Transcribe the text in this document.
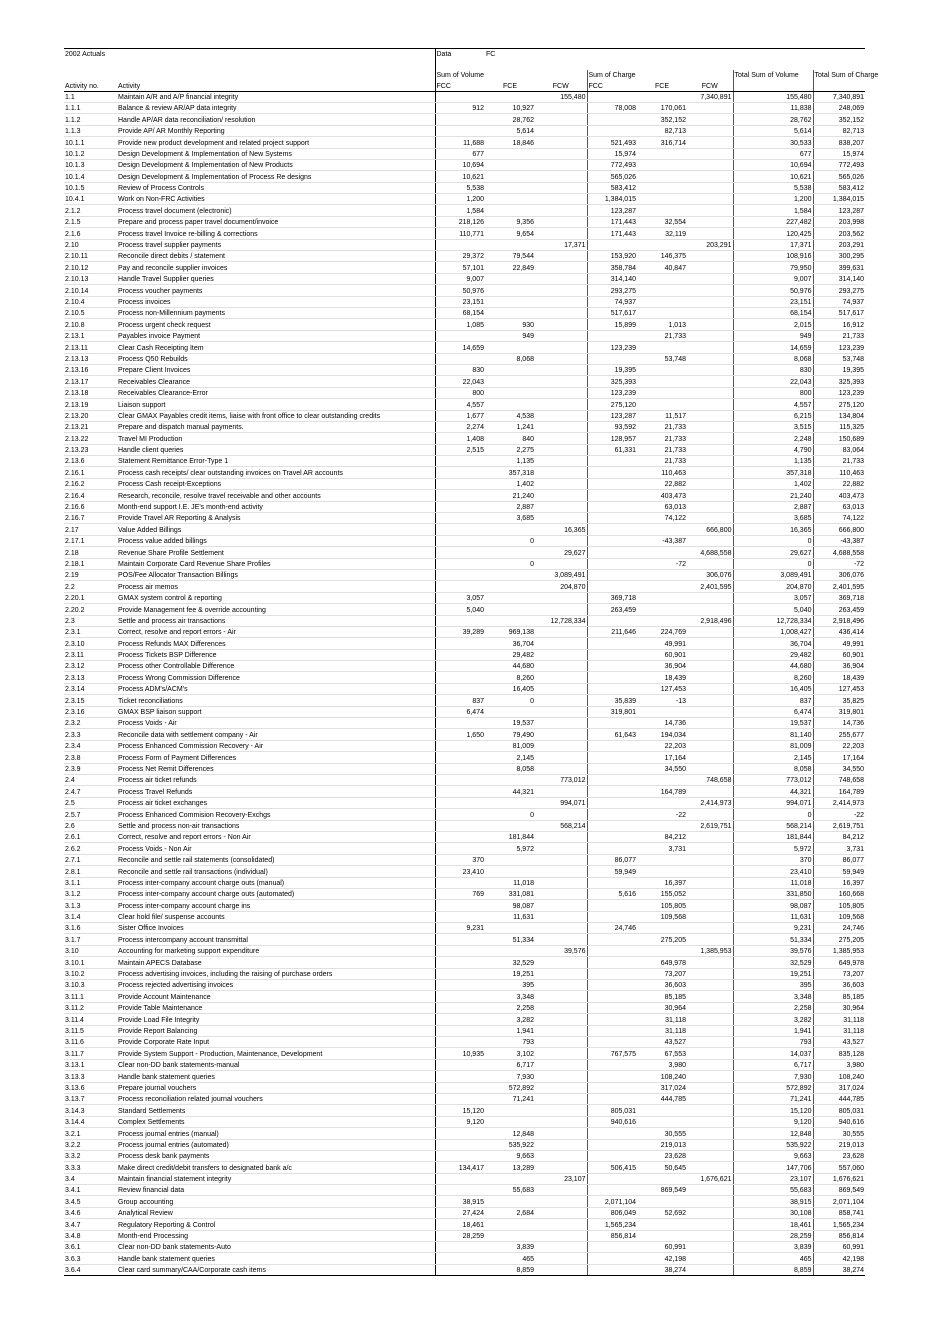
2002 Actuals		Data	FC						

		Sum of Volume			Sum of Charge			Total Sum of Volume	Total Sum of Charge
Activity no.	Activity	FCC	FCE	FCW	FCC	FCE	FCW		
1.1	Maintain A/R and A/P financial integrity			155,480			7,340,891	155,480	7,340,891
1.1.1	Balance & review AR/AP data integrity	912	10,927		78,008	170,061		11,838	248,069
1.1.2	Handle AP/AR data reconciliation/ resolution		28,762			352,152		28,762	352,152
1.1.3	Provide AP/ AR Monthly Reporting		5,614			82,713		5,614	82,713
10.1.1	Provide new product development and related project support	11,688	18,846		521,493	316,714		30,533	838,207
10.1.2	Design Development & Implementation of New Systems	677			15,974			677	15,974
10.1.3	Design Development & Implementation of New Products	10,694			772,493			10,694	772,493
10.1.4	Design Development & Implementation of Process Re designs	10,621			565,026			10,621	565,026
10.1.5	Review of Process Controls	5,538			583,412			5,538	583,412
10.4.1	Work on Non-FRC Activities	1,200			1,384,015			1,200	1,384,015
2.1.2	Process travel document (electronic)	1,584			123,287			1,584	123,287
2.1.5	Prepare and process paper travel document/invoice	218,126	9,356		171,443	32,554		227,482	203,998
2.1.6	Process travel Invoice re-billing & corrections	110,771	9,654		171,443	32,119		120,425	203,562
2.10	Process travel supplier payments			17,371			203,291	17,371	203,291
2.10.11	Reconcile direct debits / statement	29,372	79,544		153,920	146,375		108,916	300,295
2.10.12	Pay and reconcile supplier invoices	57,101	22,849		358,784	40,847		79,950	399,631
2.10.13	Handle Travel Supplier queries	9,007			314,140			9,007	314,140
2.10.14	Process voucher payments	50,976			293,275			50,976	293,275
2.10.4	Process invoices	23,151			74,937			23,151	74,937
2.10.5	Process non-Millennium payments	68,154			517,617			68,154	517,617
2.10.8	Process urgent check request	1,085	930		15,899	1,013		2,015	16,912
2.13.1	Payables invoice Payment		949			21,733		949	21,733
2.13.11	Clear Cash Receipting Item	14,659			123,239			14,659	123,239
2.13.13	Process Q50 Rebuilds		8,068			53,748		8,068	53,748
2.13.16	Prepare Client Invoices	830			19,395			830	19,395
2.13.17	Receivables Clearance	22,043			325,393			22,043	325,393
2.13.18	Receivables Clearance-Error	800			123,239			800	123,239
2.13.19	Liaison support	4,557			275,120			4,557	275,120
2.13.20	Clear GMAX Payables credit items, liaise with front office to clear outstanding credits	1,677	4,538		123,287	11,517		6,215	134,804
2.13.21	Prepare and dispatch manual payments.	2,274	1,241		93,592	21,733		3,515	115,325
2.13.22	Travel MI Production	1,408	840		128,957	21,733		2,248	150,689
2.13.23	Handle client queries	2,515	2,275		61,331	21,733		4,790	83,064
2.13.6	Statement Remittance Error-Type 1		1,135			21,733		1,135	21,733
2.16.1	Process cash receipts/ clear outstanding invoices on Travel AR accounts		357,318			110,463		357,318	110,463
2.16.2	Process Cash receipt-Exceptions		1,402			22,882		1,402	22,882
2.16.4	Research, reconcile, resolve travel receivable and other accounts		21,240			403,473		21,240	403,473
2.16.6	Month-end support I.E. JE's month-end activity		2,887			63,013		2,887	63,013
2.16.7	Provide Travel AR Reporting & Analysis		3,685			74,122		3,685	74,122
2.17	Value Added Billings			16,365			666,800	16,365	666,800
2.17.1	Process value added billings		0			-43,387		0	-43,387
2.18	Revenue Share Profile Settlement			29,627			4,688,558	29,627	4,688,558
2.18.1	Maintain Corporate Card Revenue Share Profiles		0			-72		0	-72
2.19	POS/Fee Allocator Transaction Billings			3,089,491			306,076	3,089,491	306,076
2.2	Process air memos			204,870			2,401,595	204,870	2,401,595
2.20.1	GMAX system control & reporting	3,057			369,718			3,057	369,718
2.20.2	Provide Management fee & override accounting	5,040			263,459			5,040	263,459
2.3	Settle and process air transactions			12,728,334			2,918,496	12,728,334	2,918,496
2.3.1	Correct, resolve and report errors - Air	39,289	969,138		211,646	224,769		1,008,427	436,414
2.3.10	Process Refunds MAX Differences		36,704			49,991		36,704	49,991
2.3.11	Process Tickets BSP Difference		29,482			60,901		29,482	60,901
2.3.12	Process other Controllable Difference		44,680			36,904		44,680	36,904
2.3.13	Process Wrong Commission Difference		8,260			18,439		8,260	18,439
2.3.14	Process ADM's/ACM's		16,405			127,453		16,405	127,453
2.3.15	Ticket reconciliations	837	0		35,839	-13		837	35,825
2.3.16	GMAX BSP liaison support	6,474			319,801			6,474	319,801
2.3.2	Process Voids - Air		19,537			14,736		19,537	14,736
2.3.3	Reconcile data with settlement company - Air	1,650	79,490		61,643	194,034		81,140	255,677
2.3.4	Process Enhanced Commission Recovery - Air		81,009			22,203		81,009	22,203
2.3.8	Process Form of Payment Differences		2,145			17,164		2,145	17,164
2.3.9	Process Net Remit Differences		8,058			34,550		8,058	34,550
2.4	Process air ticket refunds			773,012			748,658	773,012	748,658
2.4.7	Process Travel Refunds		44,321			164,789		44,321	164,789
2.5	Process air ticket exchanges			994,071			2,414,973	994,071	2,414,973
2.5.7	Process Enhanced Commision Recovery-Exchgs		0			-22		0	-22
2.6	Settle and process non-air transactions			568,214			2,619,751	568,214	2,619,751
2.6.1	Correct, resolve and report errors - Non Air		181,844			84,212		181,844	84,212
2.6.2	Process Voids - Non Air		5,972			3,731		5,972	3,731
2.7.1	Reconcile and settle rail statements (consolidated)	370			86,077			370	86,077
2.8.1	Reconcile and settle rail transactions (individual)	23,410			59,949			23,410	59,949
3.1.1	Process inter-company account charge outs (manual)		11,018			16,397		11,018	16,397
3.1.2	Process inter-company account charge outs (automated)	769	331,081		5,616	155,052		331,850	160,668
3.1.3	Process inter-company account charge ins		98,087			105,805		98,087	105,805
3.1.4	Clear hold file/ suspense accounts		11,631			109,568		11,631	109,568
3.1.6	Sister Office Invoices	9,231			24,746			9,231	24,746
3.1.7	Process intercompany account transmittal		51,334			275,205		51,334	275,205
3.10	Accounting for marketing support expenditure			39,576			1,385,953	39,576	1,385,953
3.10.1	Maintain APECS Database		32,529			649,978		32,529	649,978
3.10.2	Process advertising invoices, including the raising of purchase orders		19,251			73,207		19,251	73,207
3.10.3	Process rejected advertising invoices		395			36,603		395	36,603
3.11.1	Provide Account Maintenance		3,348			85,185		3,348	85,185
3.11.2	Provide Table Maintenance		2,258			30,964		2,258	30,964
3.11.4	Provide Load File Integrity		3,282			31,118		3,282	31,118
3.11.5	Provide Report Balancing		1,941			31,118		1,941	31,118
3.11.6	Provide Corporate Rate Input		793			43,527		793	43,527
3.11.7	Provide System Support - Production, Maintenance, Development	10,935	3,102		767,575	67,553		14,037	835,128
3.13.1	Clear non-DD bank statements-manual		6,717			3,980		6,717	3,980
3.13.3	Handle bank statement queries		7,930			108,240		7,930	108,240
3.13.6	Prepare journal vouchers		572,892			317,024		572,892	317,024
3.13.7	Process reconciliation related journal vouchers		71,241			444,785		71,241	444,785
3.14.3	Standard Settlements	15,120			805,031			15,120	805,031
3.14.4	Complex Settlements	9,120			940,616			9,120	940,616
3.2.1	Process journal entries (manual)		12,848			30,555		12,848	30,555
3.2.2	Process journal entries (automated)		535,922			219,013		535,922	219,013
3.3.2	Process desk bank payments		9,663			23,628		9,663	23,628
3.3.3	Make direct credit/debit transfers to designated bank a/c	134,417	13,289		506,415	50,645		147,706	557,060
3.4	Maintain financial statement integrity			23,107			1,676,621	23,107	1,676,621
3.4.1	Review financial data		55,683			869,549		55,683	869,549
3.4.5	Group accounting	38,915			2,071,104			38,915	2,071,104
3.4.6	Analytical Review	27,424	2,684		806,049	52,692		30,108	858,741
3.4.7	Regulatory Reporting & Control	18,461			1,565,234			18,461	1,565,234
3.4.8	Month-end Processing	28,259			856,814			28,259	856,814
3.6.1	Clear non-DD bank statements-Auto		3,839			60,991		3,839	60,991
3.6.3	Handle bank statement queries		465			42,198		465	42,198
3.6.4	Clear card summary/CAA/Corporate cash items		8,859			38,274		8,859	38,274
